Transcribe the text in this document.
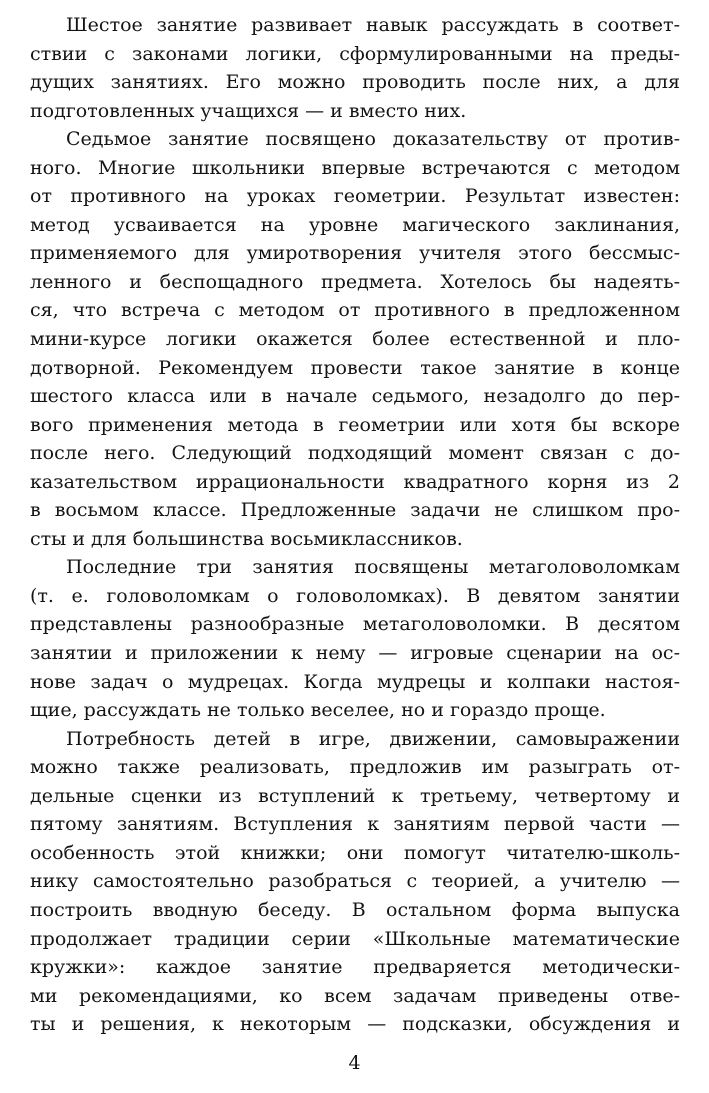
Шестое занятие развивает навык рассуждать в соответ-
ствии с законами логики, сформулированными на преды-
дущих занятиях. Его можно проводить после них, а для
подготовленных учащихся — и вместо них.
Седьмое занятие посвящено доказательству от против-
ного. Многие школьники впервые встречаются с методом
от противного на уроках геометрии. Результат известен:
метод усваивается на уровне магического заклинания,
применяемого для умиротворения учителя этого бессмыс-
ленного и беспощадного предмета. Хотелось бы надеять-
ся, что встреча с методом от противного в предложенном
мини-курсе логики окажется более естественной и пло-
дотворной. Рекомендуем провести такое занятие в конце
шестого класса или в начале седьмого, незадолго до пер-
вого применения метода в геометрии или хотя бы вскоре
после него. Следующий подходящий момент связан с до-
казательством иррациональности квадратного корня из 2
в восьмом классе. Предложенные задачи не слишком про-
сты и для большинства восьмиклассников.
Последние три занятия посвящены метаголоволомкам
(т. е. головоломкам о головоломках). В девятом занятии
представлены разнообразные метаголоволомки. В десятом
занятии и приложении к нему — игровые сценарии на ос-
нове задач о мудрецах. Когда мудрецы и колпаки настоя-
щие, рассуждать не только веселее, но и гораздо проще.
Потребность детей в игре, движении, самовыражении
можно также реализовать, предложив им разыграть от-
дельные сценки из вступлений к третьему, четвертому и
пятому занятиям. Вступления к занятиям первой части —
особенность этой книжки; они помогут читателю-школь-
нику самостоятельно разобраться с теорией, а учителю —
построить вводную беседу. В остальном форма выпуска
продолжает традиции серии «Школьные математические
кружки»: каждое занятие предваряется методически-
ми рекомендациями, ко всем задачам приведены отве-
ты и решения, к некоторым — подсказки, обсуждения и
4
